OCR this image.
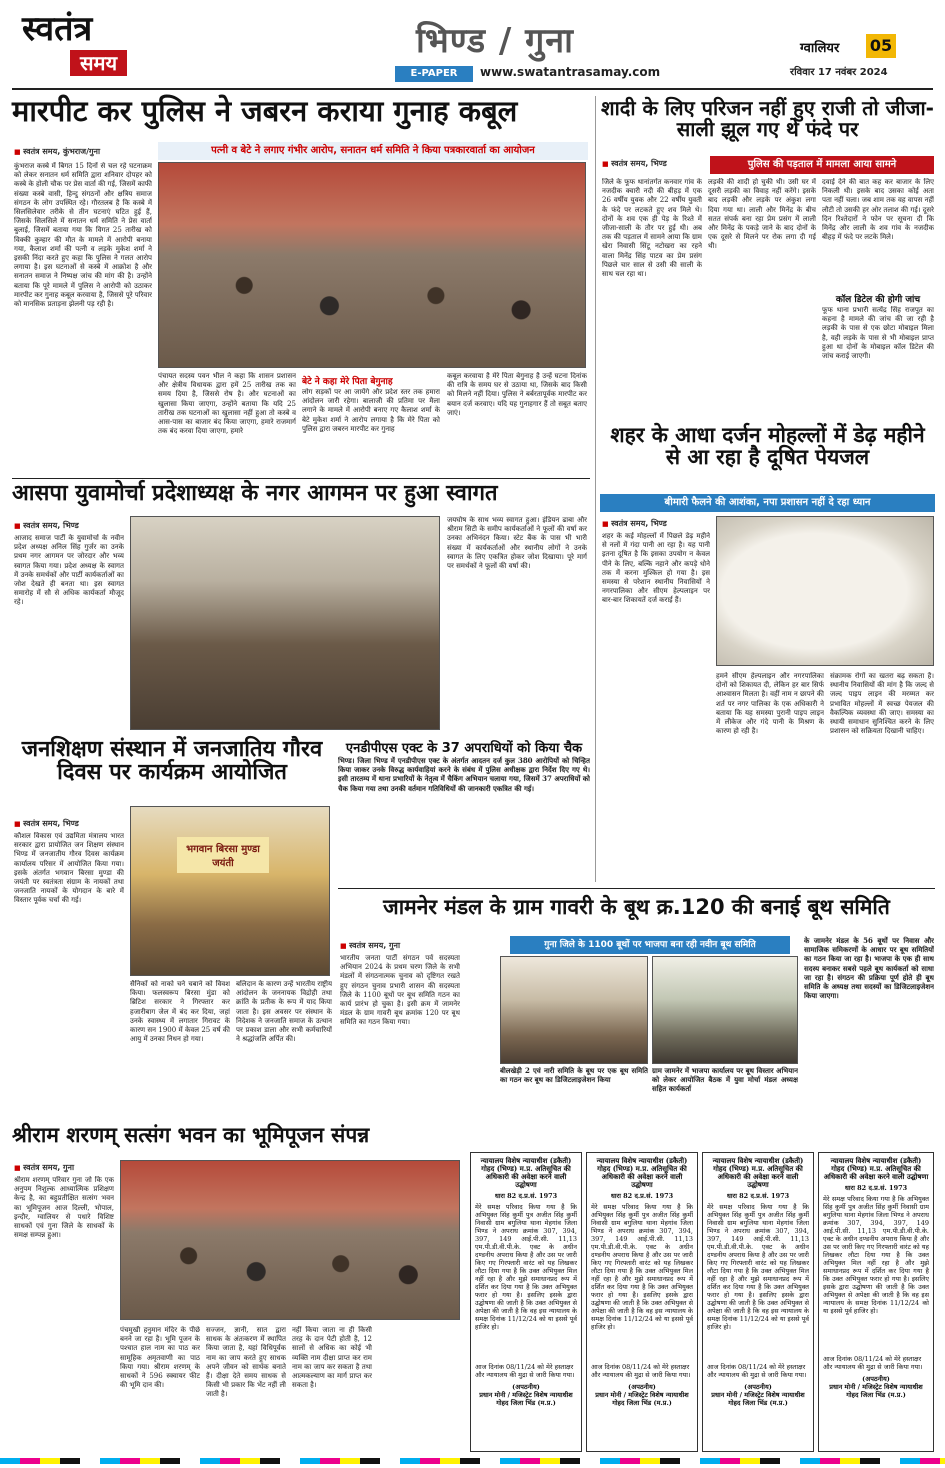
स्वतंत्र
समय
भिण्ड / गुना
E-PAPER	www.swatantrasamay.com
ग्वालियर 05
रविवार 17 नवंबर 2024
मारपीट कर पुलिस ने जबरन कराया गुनाह कबूल
■ स्वतंत्र समय, कुंभराज/गुना	पत्नी व बेटे ने लगाए गंभीर आरोप, सनातन धर्म समिति ने किया पत्रकारवार्ता का आयोजन
कुंभराज कस्बे में बिगत 15 दिनों से चल रहे घटनाक्रम को लेकर सनातन धर्म समिति द्वारा शनिवार दोपहर को कस्बे के होली चौक पर प्रेस वार्ता की गई, जिसमें काफी संख्या कस्बे वासी, हिन्दु संगठनों और क्षत्रिय समाज संगठन के लोग उपस्थित रहे। गौरतलब है कि कस्बे में सिलसिलेवार तरीके से तीन घटनाएं घटित हुई हैं, जिसके सिलसिले में सनातन धर्म समिति ने प्रेस वार्ता बुलाई, जिसमें बताया गया कि विगत 25 तारीख को विक्की कुम्हार की मौत के मामले में आरोपी बनाया गया, कैलाश शर्मा की पत्नी व लड़के मुकेश शर्मा ने इसकी निंदा करते हुए कहा कि पुलिस ने गलत आरोप लगाया है। इस घटनाओं से कस्बे में आक्रोश है और सनातन समाज ने निष्पक्ष जांच की मांग की है। उन्होंने बताया कि पूरे मामले में पुलिस ने आरोपी को उठाकर मारपीट कर गुनाह कबूल करवाया है, जिससे पूरे परिवार को मानसिक प्रताड़ना झेलनी पड़ रही है।
पंचायत सदस्य पवन भील ने कहा कि शासन प्रशासन और क्षेत्रीय विधायक द्वारा हमें 25 तारीख तक का समय दिया है, जिससे रोष है। और घटनाओं का खुलासा किया जाएगा, उन्होंने बताया कि यदि 25 तारीख तक घटनाओं का खुलासा नहीं हुआ तो कस्बे व आस-पास का बाजार बंद किया जाएगा, हमारे राजमार्ग तक बंद करवा दिया जाएगा, हमारे
बेटे ने कहा मेरे पिता बेगुनाह
लोग सड़कों पर आ जायेंगे और प्रदेश स्तर तक हमारा आंदोलन जारी रहेगा। बालाजी की प्रतिमा पर मैला लगाने के मामले में आरोपी बनाए गए कैलाश शर्मा के बेटे मुकेश शर्मा ने आरोप लगाया है कि मेरे पिता को पुलिस द्वारा जबरन मारपीट कर गुनाह
कबूल करवाया है मेरे पिता बेगुनाह है उन्हें घटना दिनांक की रात्रि के समय घर से उठाया था, जिसके बाद किसी को मिलने नहीं दिया। पुलिस ने बर्बरतापूर्वक मारपीट कर बयान दर्ज करवाए। यदि यह गुनाहगार हैं तो सबूत बताए जाएं।
शादी के लिए परिजन नहीं हुए राजी तो जीजा-साली झूल गए थे फंदे पर
■ स्वतंत्र समय, भिण्ड	पुलिस की पड़ताल में मामला आया सामने
जिले के फूफ थानांतर्गत कनवार गांव के नजदीक क्वारी नदी की बीहड़ में एक 26 वर्षीय युवक और 22 वर्षीय युवती के फंदे पर लटकते हुए शव मिले थे। दोनों के शव एक ही पेड़ के रिश्ते में जीजा-साली के तौर पर हुई थी। अब तक की पड़ताल में सामने आया कि ग्राम खेरा निवासी सिंटू नटोखरा का रहने वाला मिनेंद्र सिंह पाटव का प्रेम प्रसंग पिछले चार साल से उसी की साली के साथ चल रहा था।
लड़की की शादी हो चुकी थी। उसी घर में दूसरी लड़की का विवाह नहीं करेंगे। इसके बाद लड़की और लड़के पर अंकुश लगा दिया गया था। लाली और मिनेंद्र के बीच सतत संपर्क बना रहा प्रेम प्रसंग में लाली और मिनेंद्र के पकड़े जाने के बाद दोनों के एक दूसरे से मिलने पर रोक लगा दी गई थी।
दवाई देने की बात कह कर बाजार के लिए निकली थी। इसके बाद उसका कोई अता पता नहीं चला। जब शाम तक वह वापस नहीं लौटी तो उसकी हर ओर तलाश की गई। दूसरे दिन रिश्तेदारों ने फोन पर सूचना दी कि मिनेंद्र और लाली के शव गांव के नजदीक बीहड़ में फंदे पर लटके मिले।
कॉल डिटेल की होगी जांच
फूफ थाना प्रभारी सत्येंद्र सिंह राजपूत का कहना है मामले की जांच की जा रही है लड़की के पास से एक छोटा मोबाइल मिला है, वही लड़के के पास से भी मोबाइल प्राप्त हुआ था दोनों के मोबाइल कॉल डिटेल की जांच कराई जाएगी।
शहर के आधा दर्जन मोहल्लों में डेढ़ महीने से आ रहा है दूषित पेयजल
बीमारी फैलने की आशंका, नपा प्रशासन नहीं दे रहा ध्यान
■ स्वतंत्र समय, भिण्ड
शहर के कई मोहल्लों में पिछले डेढ़ महीने से नलों में गंदा पानी आ रहा है। यह पानी इतना दूषित है कि इसका उपयोग न केवल पीने के लिए, बल्कि नहाने और कपड़े धोने तक में करना मुश्किल हो गया है। इस समस्या से परेशान स्थानीय निवासियों ने नगरपालिका और सीएम हेल्पलाइन पर बार-बार शिकायतें दर्ज कराई हैं।
हमने सीएम हेल्पलाइन और नगरपालिका दोनों को शिकायत दी, लेकिन हर बार सिर्फ आश्वासन मिलता है। वहीं नाम न छापने की शर्त पर नगर पालिका के एक अधिकारी ने बताया कि यह समस्या पुरानी पाइप लाइन में लीकेज और गंदे पानी के मिश्रण के कारण हो रही है।
संक्रामक रोगों का खतरा बढ़ सकता है। स्थानीय निवासियों की मांग है कि जल्द से जल्द पाइप लाइन की मरम्मत कर प्रभावित मोहल्लों में स्वच्छ पेयजल की वैकल्पिक व्यवस्था की जाए। समस्या का स्थायी समाधान सुनिश्चित करने के लिए प्रशासन को सक्रियता दिखानी चाहिए।
आसपा युवामोर्चा प्रदेशाध्यक्ष के नगर आगमन पर हुआ स्वागत
■ स्वतंत्र समय, भिण्ड
आजाद समाज पार्टी के युवामोर्चा के नवीन प्रदेश अध्यक्ष अनिल सिंह गुर्जर का उनके प्रथम नगर आगमन पर जोरदार और भव्य स्वागत किया गया। प्रदेश अध्यक्ष के स्वागत में उनके समर्थकों और पार्टी कार्यकर्ताओं का जोश देखते ही बनता था। इस स्वागत समारोह में सौ से अधिक कार्यकर्ता मौजूद रहे।
जयघोष के साथ भव्य स्वागत हुआ। इंडियन ढाबा और श्रीराम सिटी के समीप कार्यकर्ताओं ने फूलों की वर्षा कर उनका अभिनंदन किया। स्टेट बैंक के पास भी भारी संख्या में कार्यकर्ताओं और स्थानीय लोगों ने उनके स्वागत के लिए एकत्रित होकर जोश दिखाया। पूरे मार्ग पर समर्थकों ने फूलों की वर्षा की।
जनशिक्षण संस्थान में जनजातिय गौरव दिवस पर कार्यक्रम आयोजित
■ स्वतंत्र समय, भिण्ड
कौशल विकास एवं उद्यमिता मंत्रालय भारत सरकार द्वारा प्रायोजित जन शिक्षण संस्थान भिण्ड में जनजातीय गौरव दिवस कार्यक्रम कार्यालय परिसर में आयोजित किया गया। इसके अंतर्गत भगवान बिरसा मुण्डा की जयंती पर स्वतंत्रता संग्राम के नायकों तथा जनजाति नायकों के योगदान के बारे में विस्तार पूर्वक चर्चा की गई।
भगवान बिरसा मुण्डा जयंती
सैनिकों को नाको चने चबाने को विवश किया। फलस्वरूप बिरसा मुंडा को ब्रिटिश सरकार ने गिरफ्तार कर हजारीबाग जेल में बंद कर दिया, जहां उनके स्वास्थ्य में लगातार गिरावट के कारण सन 1900 में केवल 25 वर्ष की आयु में उनका निधन हो गया।
बलिदान के कारण उन्हें भारतीय राष्ट्रीय आंदोलन के जननायक विद्रोही तथा क्रांति के प्रतीक के रूप में याद किया जाता है। इस अवसर पर संस्थान के निदेशक ने जनजाति समाज के उत्थान पर प्रकाश डाला और सभी कर्मचारियों ने श्रद्धांजलि अर्पित की।
एनडीपीएस एक्ट के 37 अपराधियों को किया चैक
भिण्ड। जिला भिण्ड में एनडीपीएस एक्ट के अंतर्गत आदतन दर्ज कुल 380 आरोपियों को चिन्हित किया जाकर उनके विरुद्ध कार्यवाहियां करने के संबंध में पुलिस अधीक्षक द्वारा निर्देश दिए गए थे। इसी तारतम्य में थाना प्रभारियों के नेतृत्व में चैकिंग अभियान चलाया गया, जिसमें 37 अपराधियों को चैक किया गया तथा उनकी वर्तमान गतिविधियों की जानकारी एकत्रित की गई।
जामनेर मंडल के ग्राम गावरी के बूथ क्र.120 की बनाई बूथ समिति
■ स्वतंत्र समय, गुना
भारतीय जनता पार्टी संगठन पर्व सदस्यता अभियान 2024 के प्रथम चरण जिले के सभी मंडलों में संगठनात्मक चुनाव को दृष्टिगत रखते हुए संगठन चुनाव प्रभारी शासन की सदस्यता जिले के 1100 बूथों पर बूथ समिति गठन का कार्य प्रारंभ हो चुका है। इसी क्रम में जामनेर मंडल के ग्राम गावरी बूथ क्रमांक 120 पर बूथ समिति का गठन किया गया।
गुना जिले के 1100 बूथों पर भाजपा बना रही नवीन बूथ समिति
बीलखेड़ी 2 एवं नारी समिति के बूथ पर एक बूथ समिति का गठन कर बूथ का डिजिटलाइजेशन किया
ग्राम जामनेर में भाजपा कार्यालय पर बूथ विस्तार अभियान को लेकर आयोजित बैठक में युवा मोर्चा मंडल अध्यक्ष सहित कार्यकर्ता
के जामनेर मंडल के 56 बूथों पर निवास और सामाजिक समिकरणों के आधार पर बूथ समितियों का गठन किया जा रहा है। भाजपा के एक ही साथ सदस्य बनाकर सबसे पहले बूथ कार्यकर्ता को साधा जा रहा है। संगठन की प्रक्रिया पूर्ण होते ही बूथ समिति के अध्यक्ष तथा सदस्यों का डिजिटलाइजेशन किया जाएगा।
श्रीराम शरणम् सत्संग भवन का भूमिपूजन संपन्न
■ स्वतंत्र समय, गुना
श्रीराम शरणम् परिवार गुना जो कि एक अनुपम निशुल्क आध्यात्मिक प्रशिक्षण केन्द्र है, का बहुप्रतीक्षित सत्संग भवन का भूमिपूजन आज दिल्ली, भोपाल, इन्दौर, ग्वालियर से पधारे विशिष्ट साधकों एवं गुना जिले के साधकों के समक्ष सम्पन्न हुआ।
पंचमुखी हनुमान मंदिर के पीछे बनने जा रहा है। भूमि पूजन के पश्चात हाल नाम का पाठ कर सामूहिक अमृतवाणी का पाठ किया गया। श्रीराम शरणम् के साधकों ने 596 स्क्वायर फीट की भूमि दान की।
सज्जन, ज्ञानी, सात द्वारा साधक के अंतःकरण में स्थापित किया जाता है, यहां विधिपूर्वक नाम का जाप करते हुए साधक अपने जीवन को सार्थक बनाते हैं। दीक्षा देते समय साधक से किसी भी प्रकार कि भेंट नहीं ली जाती है।
नहीं किया जाता ना ही किसी तरह के दान पेटी होती है, 12 सालों से अधिक का कोई भी व्यक्ति नाम दीक्षा प्राप्त कर राम नाम का जाप कर सकता है तथा आत्मकल्याण का मार्ग प्राप्त कर सकता है।
न्यायालय विशेष न्यायाधीश (डकैती) गोहद (भिण्ड) म.प्र. अतिसूचित की अधिकारी की अवेक्षा करने वाली उद्घोषणा
धारा 82 द.प्र.सं. 1973
मेरे समक्ष परिवाद किया गया है कि अभियुक्त सिंह कुर्मी पुत्र अजीत सिंह कुर्मी निवासी ग्राम बगुलिया थाना मेहगांव जिला भिण्ड ने अपराध क्रमांक 307, 394, 397, 149 आई.पी.सी. 11,13 एम.पी.डी.वी.पी.के. एक्ट के अधीन दण्डनीय अपराध किया है और उस पर जारी किए गए गिरफ्तारी वारंट को यह लिखकर लौटा दिया गया है कि उक्त अभियुक्त मिल नहीं रहा है और मुझे समाधानप्रद रूप में दर्शित कर दिया गया है कि उक्त अभियुक्त फरार हो गया है। इसलिए इसके द्वारा उद्घोषणा की जाती है कि उक्त अभियुक्त से अपेक्षा की जाती है कि वह इस न्यायालय के समक्ष दिनांक 11/12/24 को या इससे पूर्व हाजिर हो।
आज दिनांक 08/11/24 को मेरे हस्ताक्षर और न्यायालय की मुद्रा से जारी किया गया।
(अपठनीय)
प्रधान मोनी / मजिस्ट्रेट विशेष न्यायाधीश गोहद जिला भिंड (म.प्र.)
न्यायालय विशेष न्यायाधीश (डकैती) गोहद (भिण्ड) म.प्र. अतिसूचित की अधिकारी की अवेक्षा करने वाली उद्घोषणा
धारा 82 द.प्र.सं. 1973
मेरे समक्ष परिवाद किया गया है कि अभियुक्त सिंह कुर्मी पुत्र अजीत सिंह कुर्मी निवासी ग्राम बगुलिया थाना मेहगांव जिला भिण्ड ने अपराध क्रमांक 307, 394, 397, 149 आई.पी.सी. 11,13 एम.पी.डी.वी.पी.के. एक्ट के अधीन दण्डनीय अपराध किया है और उस पर जारी किए गए गिरफ्तारी वारंट को यह लिखकर लौटा दिया गया है कि उक्त अभियुक्त मिल नहीं रहा है और मुझे समाधानप्रद रूप में दर्शित कर दिया गया है कि उक्त अभियुक्त फरार हो गया है। इसलिए इसके द्वारा उद्घोषणा की जाती है कि उक्त अभियुक्त से अपेक्षा की जाती है कि वह इस न्यायालय के समक्ष दिनांक 11/12/24 को या इससे पूर्व हाजिर हो।
आज दिनांक 08/11/24 को मेरे हस्ताक्षर और न्यायालय की मुद्रा से जारी किया गया।
(अपठनीय)
प्रधान मोनी / मजिस्ट्रेट विशेष न्यायाधीश गोहद जिला भिंड (म.प्र.)
न्यायालय विशेष न्यायाधीश (डकैती) गोहद (भिण्ड) म.प्र. अतिसूचित की अधिकारी की अवेक्षा करने वाली उद्घोषणा
धारा 82 द.प्र.सं. 1973
मेरे समक्ष परिवाद किया गया है कि अभियुक्त सिंह कुर्मी पुत्र अजीत सिंह कुर्मी निवासी ग्राम बगुलिया थाना मेहगांव जिला भिण्ड ने अपराध क्रमांक 307, 394, 397, 149 आई.पी.सी. 11,13 एम.पी.डी.वी.पी.के. एक्ट के अधीन दण्डनीय अपराध किया है और उस पर जारी किए गए गिरफ्तारी वारंट को यह लिखकर लौटा दिया गया है कि उक्त अभियुक्त मिल नहीं रहा है और मुझे समाधानप्रद रूप में दर्शित कर दिया गया है कि उक्त अभियुक्त फरार हो गया है। इसलिए इसके द्वारा उद्घोषणा की जाती है कि उक्त अभियुक्त से अपेक्षा की जाती है कि वह इस न्यायालय के समक्ष दिनांक 11/12/24 को या इससे पूर्व हाजिर हो।
आज दिनांक 08/11/24 को मेरे हस्ताक्षर और न्यायालय की मुद्रा से जारी किया गया।
(अपठनीय)
प्रधान मोनी / मजिस्ट्रेट विशेष न्यायाधीश गोहद जिला भिंड (म.प्र.)
न्यायालय विशेष न्यायाधीश (डकैती) गोहद (भिण्ड) म.प्र. अतिसूचित की अधिकारी की अवेक्षा करने वाली उद्घोषणा
धारा 82 द.प्र.सं. 1973
मेरे समक्ष परिवाद किया गया है कि अभियुक्त सिंह कुर्मी पुत्र अजीत सिंह कुर्मी निवासी ग्राम बगुलिया थाना मेहगांव जिला भिण्ड ने अपराध क्रमांक 307, 394, 397, 149 आई.पी.सी. 11,13 एम.पी.डी.वी.पी.के. एक्ट के अधीन दण्डनीय अपराध किया है और उस पर जारी किए गए गिरफ्तारी वारंट को यह लिखकर लौटा दिया गया है कि उक्त अभियुक्त मिल नहीं रहा है और मुझे समाधानप्रद रूप में दर्शित कर दिया गया है कि उक्त अभियुक्त फरार हो गया है। इसलिए इसके द्वारा उद्घोषणा की जाती है कि उक्त अभियुक्त से अपेक्षा की जाती है कि वह इस न्यायालय के समक्ष दिनांक 11/12/24 को या इससे पूर्व हाजिर हो।
आज दिनांक 08/11/24 को मेरे हस्ताक्षर और न्यायालय की मुद्रा से जारी किया गया।
(अपठनीय)
प्रधान मोनी / मजिस्ट्रेट विशेष न्यायाधीश गोहद जिला भिंड (म.प्र.)
